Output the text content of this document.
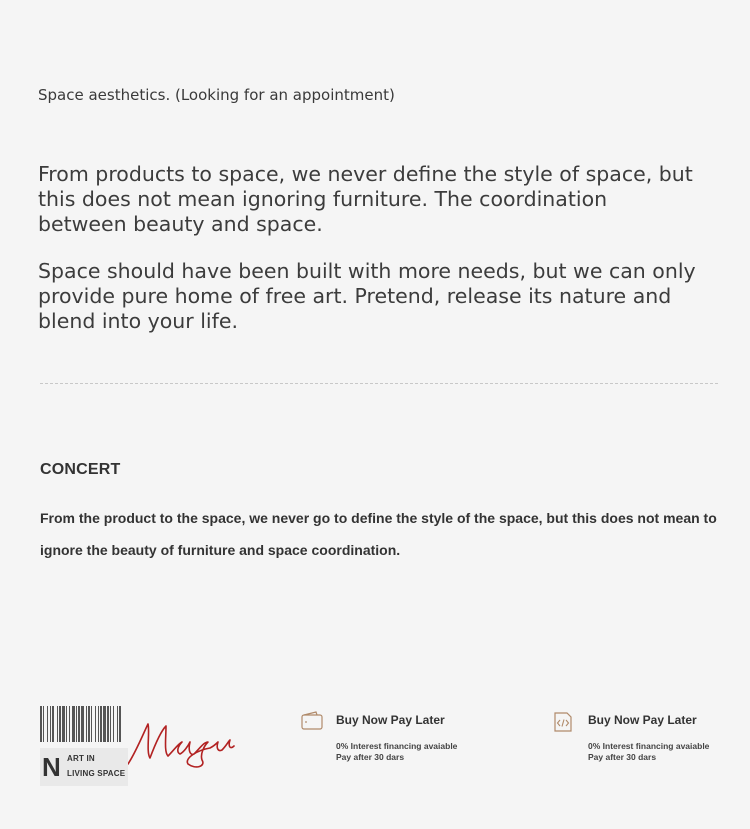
Space aesthetics. (Looking for an appointment)

From products to space, we never define the style of space, but this does not mean ignoring furniture. The coordination between beauty and space.

Space should have been built with more needs, but we can only provide pure home of free art. Pretend, release its nature and blend into your life.

CONCERT

From the product to the space, we never go to define the style of the space, but this does not mean to ignore the beauty of furniture and space coordination.

N ART IN
LIVING SPACE
Buy Now Pay Later
0% Interest financing avaiable
Pay after 30 dars
Buy Now Pay Later
0% Interest financing avaiable
Pay after 30 dars
